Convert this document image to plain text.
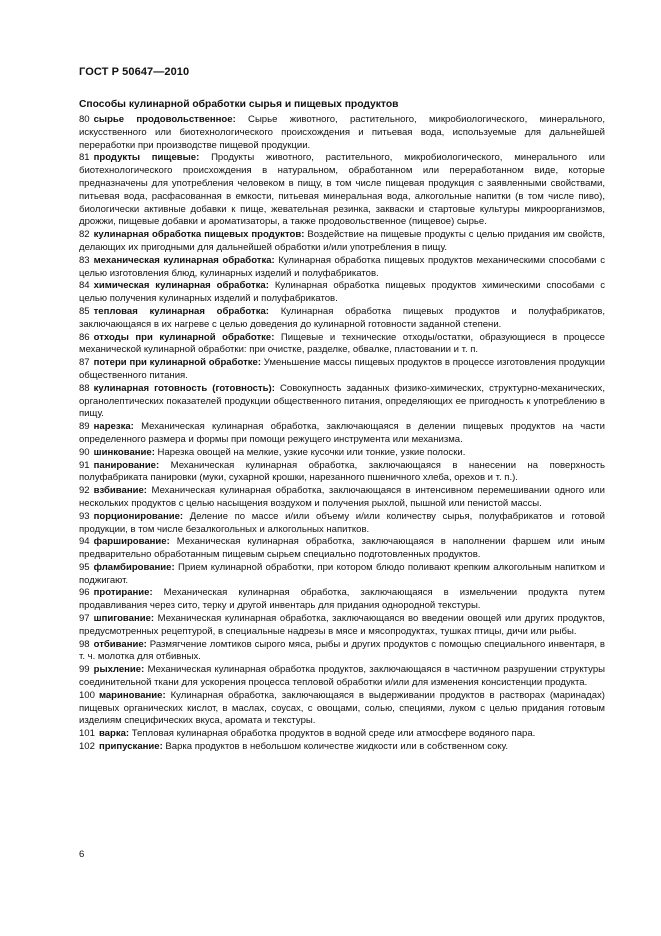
ГОСТ Р 50647—2010
Способы кулинарной обработки сырья и пищевых продуктов

80 сырье продовольственное: Сырье животного, растительного, микробиологического, минерального, искусственного или биотехнологического происхождения и питьевая вода, используемые для дальнейшей переработки при производстве пищевой продукции.

81 продукты пищевые: Продукты животного, растительного, микробиологического, минерального или биотехнологического происхождения в натуральном, обработанном или переработанном виде, которые предназначены для употребления человеком в пищу, в том числе пищевая продукция с заявленными свойствами, питьевая вода, расфасованная в емкости, питьевая минеральная вода, алкогольные напитки (в том числе пиво), биологически активные добавки к пище, жевательная резинка, закваски и стартовые культуры микроорганизмов, дрожжи, пищевые добавки и ароматизаторы, а также продовольственное (пищевое) сырье.

82 кулинарная обработка пищевых продуктов: Воздействие на пищевые продукты с целью придания им свойств, делающих их пригодными для дальнейшей обработки и/или употребления в пищу.

83 механическая кулинарная обработка: Кулинарная обработка пищевых продуктов механическими способами с целью изготовления блюд, кулинарных изделий и полуфабрикатов.

84 химическая кулинарная обработка: Кулинарная обработка пищевых продуктов химическими способами с целью получения кулинарных изделий и полуфабрикатов.

85 тепловая кулинарная обработка: Кулинарная обработка пищевых продуктов и полуфабрикатов, заключающаяся в их нагреве с целью доведения до кулинарной готовности заданной степени.

86 отходы при кулинарной обработке: Пищевые и технические отходы/остатки, образующиеся в процессе механической кулинарной обработки: при очистке, разделке, обвалке, пластовании и т. п.

87 потери при кулинарной обработке: Уменьшение массы пищевых продуктов в процессе изготовления продукции общественного питания.

88 кулинарная готовность (готовность): Совокупность заданных физико-химических, структурно-механических, органолептических показателей продукции общественного питания, определяющих ее пригодность к употреблению в пищу.

89 нарезка: Механическая кулинарная обработка, заключающаяся в делении пищевых продуктов на части определенного размера и формы при помощи режущего инструмента или механизма.

90 шинкование: Нарезка овощей на мелкие, узкие кусочки или тонкие, узкие полоски.

91 панирование: Механическая кулинарная обработка, заключающаяся в нанесении на поверхность полуфабриката панировки (муки, сухарной крошки, нарезанного пшеничного хлеба, орехов и т. п.).

92 взбивание: Механическая кулинарная обработка, заключающаяся в интенсивном перемешивании одного или нескольких продуктов с целью насыщения воздухом и получения рыхлой, пышной или пенистой массы.

93 порционирование: Деление по массе и/или объему и/или количеству сырья, полуфабрикатов и готовой продукции, в том числе безалкогольных и алкогольных напитков.

94 фарширование: Механическая кулинарная обработка, заключающаяся в наполнении фаршем или иным предварительно обработанным пищевым сырьем специально подготовленных продуктов.

95 фламбирование: Прием кулинарной обработки, при котором блюдо поливают крепким алкогольным напитком и поджигают.

96 протирание: Механическая кулинарная обработка, заключающаяся в измельчении продукта путем продавливания через сито, терку и другой инвентарь для придания однородной текстуры.

97 шпигование: Механическая кулинарная обработка, заключающаяся во введении овощей или других продуктов, предусмотренных рецептурой, в специальные надрезы в мясе и мясопродуктах, тушках птицы, дичи или рыбы.

98 отбивание: Размягчение ломтиков сырого мяса, рыбы и других продуктов с помощью специального инвентаря, в т. ч. молотка для отбивных.

99 рыхление: Механическая кулинарная обработка продуктов, заключающаяся в частичном разрушении структуры соединительной ткани для ускорения процесса тепловой обработки и/или для изменения консистенции продукта.

100 маринование: Кулинарная обработка, заключающаяся в выдерживании продуктов в растворах (маринадах) пищевых органических кислот, в маслах, соусах, с овощами, солью, специями, луком с целью придания готовым изделиям специфических вкуса, аромата и текстуры.

101 варка: Тепловая кулинарная обработка продуктов в водной среде или атмосфере водяного пара.

102 припускание: Варка продуктов в небольшом количестве жидкости или в собственном соку.

6
